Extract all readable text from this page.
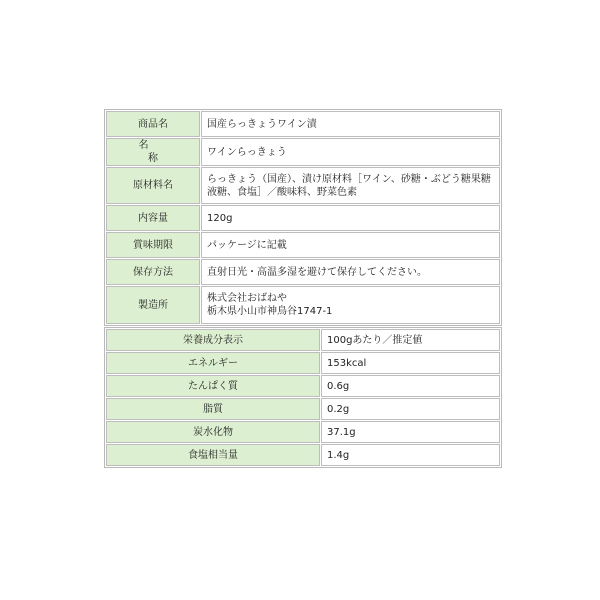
商品名	国産らっきょうワイン漬
名　称	ワインらっきょう
原材料名	らっきょう（国産）、漬け原材料［ワイン、砂糖・ぶどう糖果糖液糖、食塩］／酸味料、野菜色素
内容量	120g
賞味期限	パッケージに記載
保存方法	直射日光・高温多湿を避けて保存してください。
製造所	株式会社おばねや
栃木県小山市神鳥谷1747-1
栄養成分表示	100gあたり／推定値
エネルギー	153kcal
たんぱく質	0.6g
脂質	0.2g
炭水化物	37.1g
食塩相当量	1.4g
